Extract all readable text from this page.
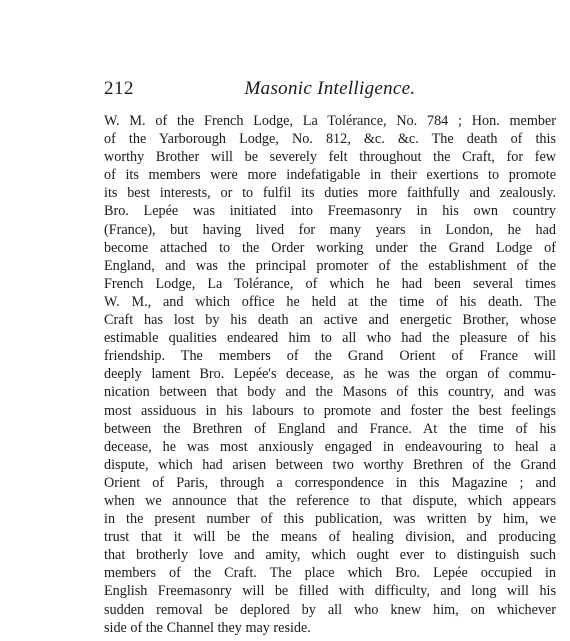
212	Masonic Intelligence.

W. M. of the French Lodge, La Tolérance, No. 784 ; Hon. member
of the Yarborough Lodge, No. 812, &c. &c. The death of this
worthy Brother will be severely felt throughout the Craft, for few
of its members were more indefatigable in their exertions to promote
its best interests, or to fulfil its duties more faithfully and zealously.
Bro. Lepée was initiated into Freemasonry in his own country
(France), but having lived for many years in London, he had
become attached to the Order working under the Grand Lodge of
England, and was the principal promoter of the establishment of the
French Lodge, La Tolérance, of which he had been several times
W. M., and which office he held at the time of his death. The
Craft has lost by his death an active and energetic Brother, whose
estimable qualities endeared him to all who had the pleasure of his
friendship. The members of the Grand Orient of France will
deeply lament Bro. Lepée's decease, as he was the organ of commu-
nication between that body and the Masons of this country, and was
most assiduous in his labours to promote and foster the best feelings
between the Brethren of England and France. At the time of his
decease, he was most anxiously engaged in endeavouring to heal a
dispute, which had arisen between two worthy Brethren of the Grand
Orient of Paris, through a correspondence in this Magazine ; and
when we announce that the reference to that dispute, which appears
in the present number of this publication, was written by him, we
trust that it will be the means of healing division, and producing
that brotherly love and amity, which ought ever to distinguish such
members of the Craft. The place which Bro. Lepée occupied in
English Freemasonry will be filled with difficulty, and long will his
sudden removal be deplored by all who knew him, on whichever
side of the Channel they may reside.
